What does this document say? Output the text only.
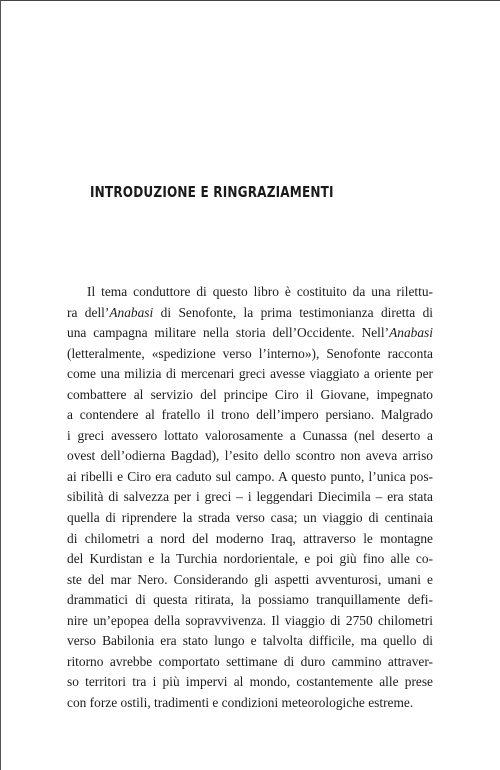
INTRODUZIONE E RINGRAZIAMENTI
Il tema conduttore di questo libro è costituito da una rilettu-
ra dell’Anabasi di Senofonte, la prima testimonianza diretta di
una campagna militare nella storia dell’Occidente. Nell’Anabasi
(letteralmente, «spedizione verso l’interno»), Senofonte racconta
come una milizia di mercenari greci avesse viaggiato a oriente per
combattere al servizio del principe Ciro il Giovane, impegnato
a contendere al fratello il trono dell’impero persiano. Malgrado
i greci avessero lottato valorosamente a Cunassa (nel deserto a
ovest dell’odierna Bagdad), l’esito dello scontro non aveva arriso
ai ribelli e Ciro era caduto sul campo. A questo punto, l’unica pos-
sibilità di salvezza per i greci – i leggendari Diecimila – era stata
quella di riprendere la strada verso casa; un viaggio di centinaia
di chilometri a nord del moderno Iraq, attraverso le montagne
del Kurdistan e la Turchia nordorientale, e poi giù fino alle co-
ste del mar Nero. Considerando gli aspetti avventurosi, umani e
drammatici di questa ritirata, la possiamo tranquillamente defi-
nire un’epopea della sopravvivenza. Il viaggio di 2750 chilometri
verso Babilonia era stato lungo e talvolta difficile, ma quello di
ritorno avrebbe comportato settimane di duro cammino attraver-
so territori tra i più impervi al mondo, costantemente alle prese
con forze ostili, tradimenti e condizioni meteorologiche estreme.
